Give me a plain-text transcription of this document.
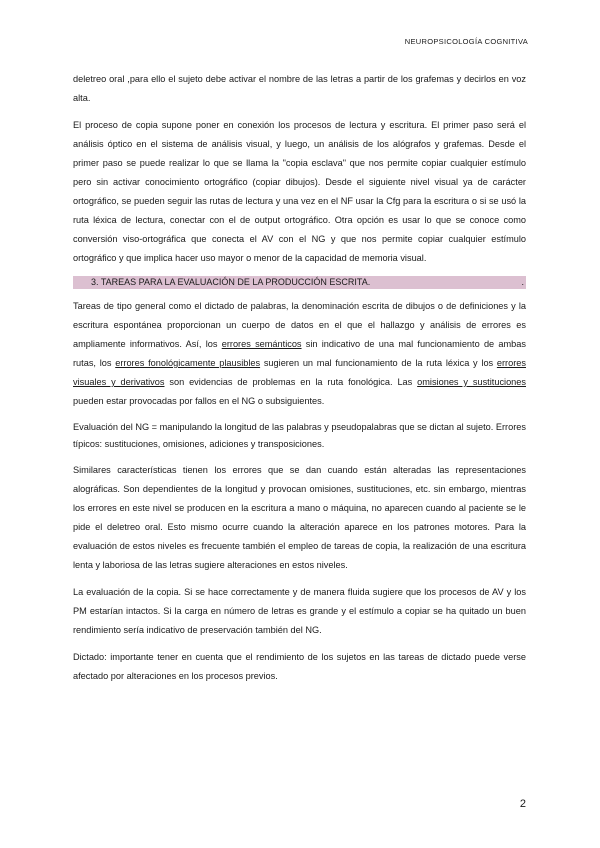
NEUROPSICOLOGÍA COGNITIVA

deletreo oral ,para ello el sujeto debe activar el nombre de las letras a partir de los grafemas y decirlos en voz alta.

El proceso de copia supone poner en conexión los procesos de lectura y escritura. El primer paso será el análisis óptico en el sistema de análisis visual, y luego, un análisis de los alógrafos y grafemas. Desde el primer paso se puede realizar lo que se llama la "copia esclava" que nos permite copiar cualquier estímulo pero sin activar conocimiento ortográfico (copiar dibujos). Desde el siguiente nivel visual ya de carácter ortográfico, se pueden seguir las rutas de lectura y una vez en el NF usar la Cfg para la escritura o si se usó la ruta léxica de lectura, conectar con el de output ortográfico. Otra opción es usar lo que se conoce como conversión viso-ortográfica que conecta el AV con el NG y que nos permite copiar cualquier estímulo ortográfico y que implica hacer uso mayor o menor de la capacidad de memoria visual.

3. TAREAS PARA LA EVALUACIÓN DE LA PRODUCCIÓN ESCRITA.	.

Tareas de tipo general como el dictado de palabras, la denominación escrita de dibujos o de definiciones y la escritura espontánea proporcionan un cuerpo de datos en el que el hallazgo y análisis de errores es ampliamente informativos. Así, los errores semánticos sin indicativo de una mal funcionamiento de ambas rutas, los errores fonológicamente plausibles sugieren un mal funcionamiento de la ruta léxica y los errores visuales y derivativos son evidencias de problemas en la ruta fonológica. Las omisiones y sustituciones pueden estar provocadas por fallos en el NG o subsiguientes.

Evaluación del NG = manipulando la longitud de las palabras y pseudopalabras que se dictan al sujeto. Errores típicos: sustituciones, omisiones, adiciones y transposiciones.

Similares características tienen los errores que se dan cuando están alteradas las representaciones alográficas. Son dependientes de la longitud y provocan omisiones, sustituciones, etc. sin embargo, mientras los errores en este nivel se producen en la escritura a mano o máquina, no aparecen cuando al paciente se le pide el deletreo oral. Esto mismo ocurre cuando la alteración aparece en los patrones motores. Para la evaluación de estos niveles es frecuente también el empleo de tareas de copia, la realización de una escritura lenta y laboriosa de las letras sugiere alteraciones en estos niveles.

La evaluación de la copia. Si se hace correctamente y de manera fluida sugiere que los procesos de AV y los PM estarían intactos. Si la carga en número de letras es grande y el estímulo a copiar se ha quitado un buen rendimiento sería indicativo de preservación también del NG.

Dictado: importante tener en cuenta que el rendimiento de los sujetos en las tareas de dictado puede verse afectado por alteraciones en los procesos previos.

2
